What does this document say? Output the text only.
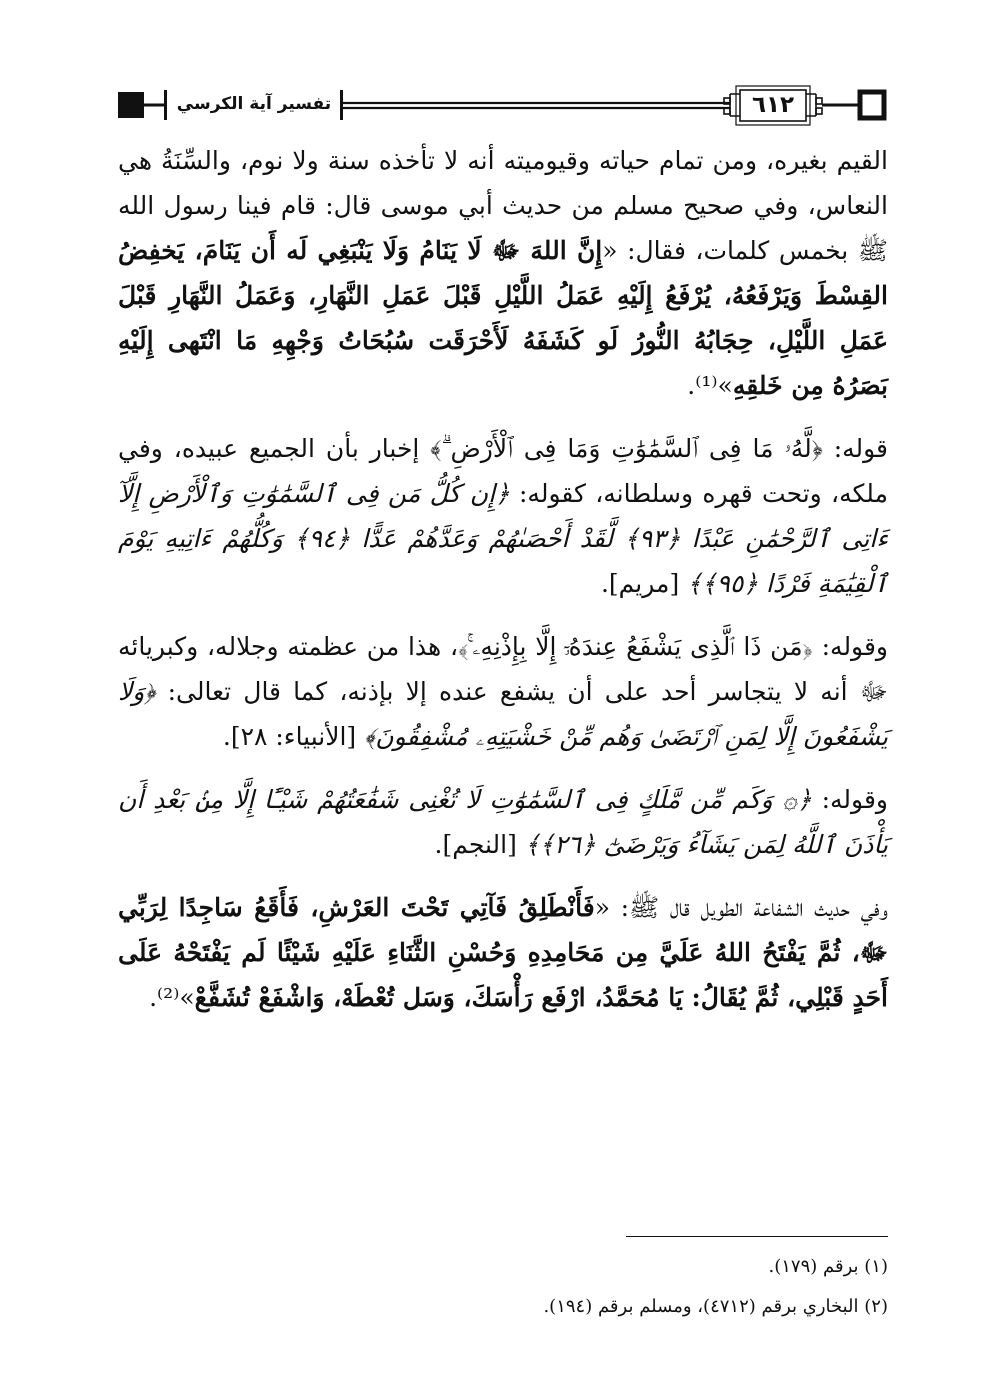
تفسير آية الكرسي	٦١٢

القيم بغيره، ومن تمام حياته وقيوميته أنه لا تأخذه سنة ولا نوم، والسِّنَةُ هي النعاس، وفي صحيح مسلم من حديث أبي موسى قال: قام فينا رسول الله ﷺ بخمس كلمات، فقال: «إِنَّ اللهَ ﷻ لَا يَنَامُ وَلَا يَنْبَغِي لَه أَن يَنَامَ، يَخفِضُ القِسْطَ وَيَرْفَعُهُ، يُرْفَعُ إِلَيْهِ عَمَلُ اللَّيْلِ قَبْلَ عَمَلِ النَّهَارِ، وَعَمَلُ النَّهَارِ قَبْلَ عَمَلِ اللَّيْلِ، حِجَابُهُ النُّورُ لَو كَشَفَهُ لَأَحْرَقَت سُبُحَاتُ وَجْهِهِ مَا انْتَهى إِلَيْهِ بَصَرُهُ مِن خَلقِهِ»⁽¹⁾.

قوله: ﴿لَّهُۥ مَا فِى ٱلسَّمَٰوَٰتِ وَمَا فِى ٱلْأَرْضِ ۗ﴾ إخبار بأن الجميع عبيده، وفي ملكه، وتحت قهره وسلطانه، كقوله: ﴿إِن كُلُّ مَن فِى ٱلسَّمَٰوَٰتِ وَٱلْأَرْضِ إِلَّآ ءَاتِى ٱلرَّحْمَٰنِ عَبْدًا ﴿٩٣﴾ لَّقَدْ أَحْصَىٰهُمْ وَعَدَّهُمْ عَدًّا ﴿٩٤﴾ وَكُلُّهُمْ ءَاتِيهِ يَوْمَ ٱلْقِيَٰمَةِ فَرْدًا ﴿٩٥﴾﴾ [مريم].

وقوله: ﴿مَن ذَا ٱلَّذِى يَشْفَعُ عِندَهُۥٓ إِلَّا بِإِذْنِهِۦ ۚ﴾، هذا من عظمته وجلاله، وكبريائه ﷻ أنه لا يتجاسر أحد على أن يشفع عنده إلا بإذنه، كما قال تعالى: ﴿وَلَا يَشْفَعُونَ إِلَّا لِمَنِ ٱرْتَضَىٰ وَهُم مِّنْ خَشْيَتِهِۦ مُشْفِقُونَ﴾ [الأنبياء: ٢٨].

وقوله: ﴿۞ وَكَم مِّن مَّلَكٍ فِى ٱلسَّمَٰوَٰتِ لَا تُغْنِى شَفَٰعَتُهُمْ شَيْـًٔا إِلَّا مِنۢ بَعْدِ أَن يَأْذَنَ ٱللَّهُ لِمَن يَشَآءُ وَيَرْضَىٰٓ ﴿٢٦﴾﴾ [النجم].

وفي حديث الشفاعة الطويل قال ﷺ: «فَأَنْطَلِقُ فَآتِي تَحْتَ العَرْشِ، فَأَقَعُ سَاجِدًا لِرَبِّي ﷻ، ثُمَّ يَفْتَحُ اللهُ عَلَيَّ مِن مَحَامِدِهِ وَحُسْنِ الثَّنَاءِ عَلَيْهِ شَيْئًا لَم يَفْتَحْهُ عَلَى أَحَدٍ قَبْلِي، ثُمَّ يُقَالُ: يَا مُحَمَّدُ، ارْفَع رَأْسَكَ، وَسَل تُعْطَهْ، وَاشْفَعْ تُشَفَّعْ»⁽²⁾.

(١) برقم (١٧٩).

(٢) البخاري برقم (٤٧١٢)، ومسلم برقم (١٩٤).
